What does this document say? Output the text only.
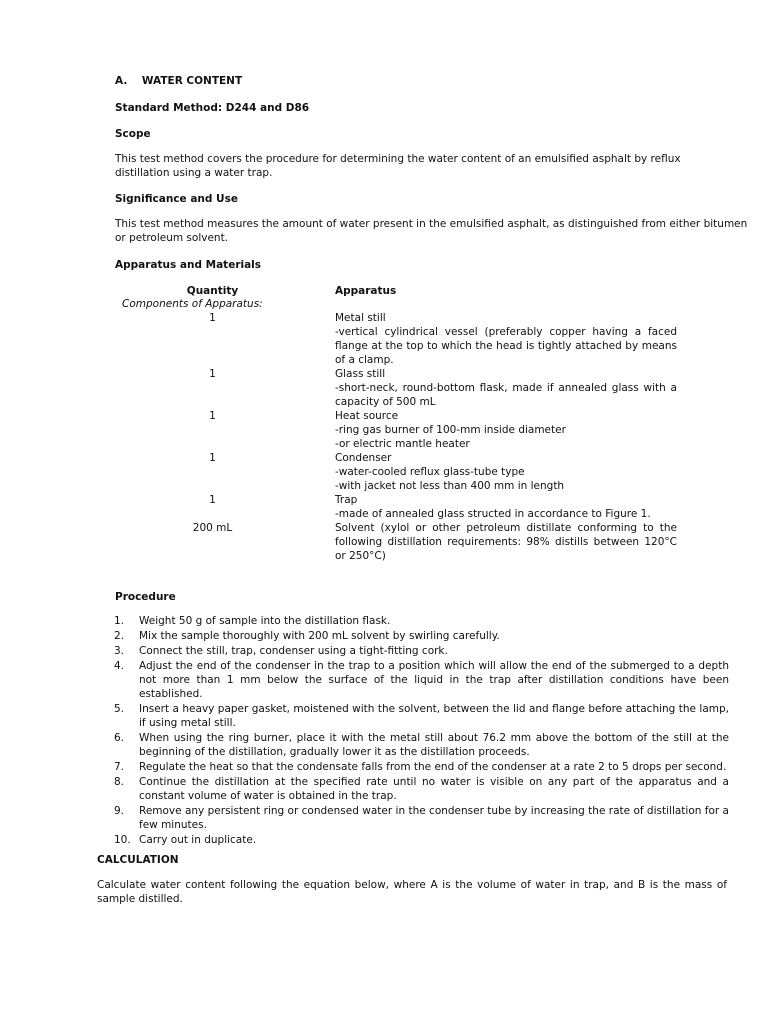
A.    WATER CONTENT
Standard Method: D244 and D86
Scope
This test method covers the procedure for determining the water content of an emulsified asphalt by reflux distillation using a water trap.
Significance and Use
This test method measures the amount of water present in the emulsified asphalt, as distinguished from either bitumen or petroleum solvent.
Apparatus and Materials
Quantity	Apparatus
Components of Apparatus:
1	Metal still
-vertical cylindrical vessel (preferably copper having a faced flange at the top to which the head is tightly attached by means of a clamp.
1	Glass still
-short-neck, round-bottom flask, made if annealed glass with a capacity of 500 mL
1	Heat source
-ring gas burner of 100-mm inside diameter
-or electric mantle heater
1	Condenser
-water-cooled reflux glass-tube type
-with jacket not less than 400 mm in length
1	Trap
-made of annealed glass structed in accordance to Figure 1.
200 mL	Solvent (xylol or other petroleum distillate conforming to the following distillation requirements: 98% distills between 120°C or 250°C)
Procedure
1.	Weight 50 g of sample into the distillation flask.
2.	Mix the sample thoroughly with 200 mL solvent by swirling carefully.
3.	Connect the still, trap, condenser using a tight-fitting cork.
4.	Adjust the end of the condenser in the trap to a position which will allow the end of the submerged to a depth not more than 1 mm below the surface of the liquid in the trap after distillation conditions have been established.
5.	Insert a heavy paper gasket, moistened with the solvent, between the lid and flange before attaching the lamp, if using metal still.
6.	When using the ring burner, place it with the metal still about 76.2 mm above the bottom of the still at the beginning of the distillation, gradually lower it as the distillation proceeds.
7.	Regulate the heat so that the condensate falls from the end of the condenser at a rate 2 to 5 drops per second.
8.	Continue the distillation at the specified rate until no water is visible on any part of the apparatus and a constant volume of water is obtained in the trap.
9.	Remove any persistent ring or condensed water in the condenser tube by increasing the rate of distillation for a few minutes.
10. Carry out in duplicate.
CALCULATION
Calculate water content following the equation below, where A is the volume of water in trap, and B is the mass of sample distilled.
